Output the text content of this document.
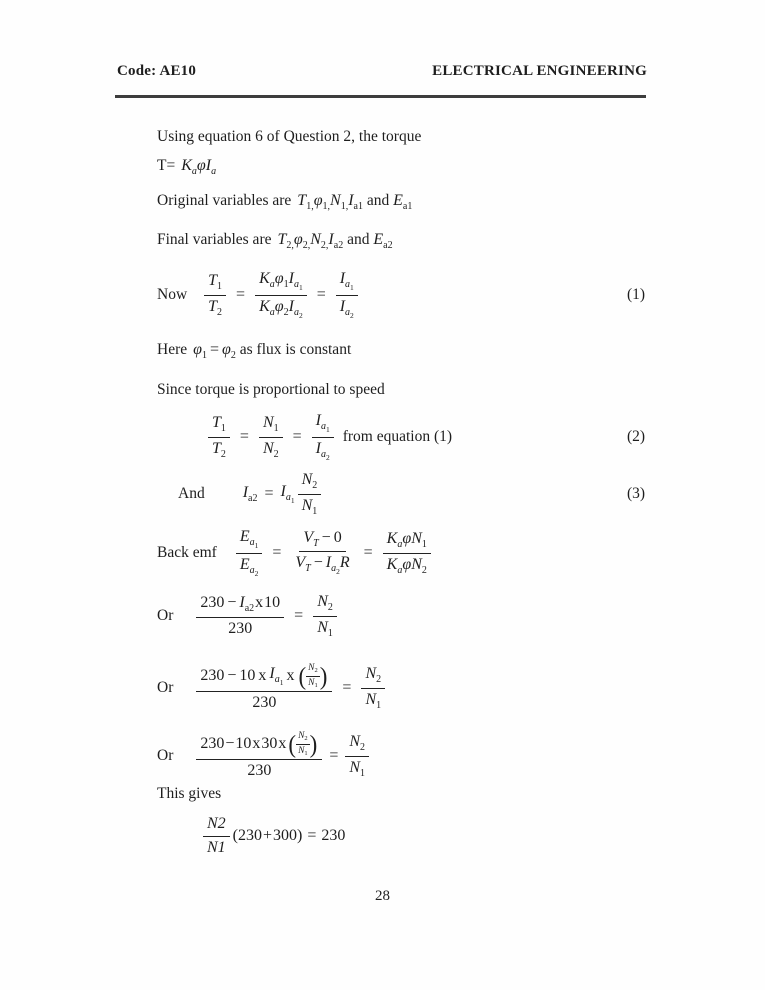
Code: AE10	ELECTRICAL ENGINEERING
Using equation 6 of Question 2, the torque
$T= K_a\varphi I_a$
Original variables are $T_{1,}\varphi_{1,}N_{1,}I_{a1}$ and $E_{a1}$
Final variables are $T_{2,}\varphi_{2,}N_{2,}I_{a2}$ and $E_{a2}$
Now $\frac{T_1}{T_2}$ =
$K_a\varphi_1I_{a_1}$
$K_a\varphi_2I_{a_2}$
= $\frac{I_{a_1}}{I_{a_2}}$	(1)
Here $\varphi_1 = \varphi_2$ as flux is constant
Since torque is proportional to speed
$\frac{T_1}{T_2} = \frac{N_1}{N_2} = \frac{I_{a_1}}{I_{a_2}}$ from equation (1)	(2)
And $I_{a2} = I_{a_1} \frac{N_2}{N_1}$	(3)
Back emf $\frac{E_{a_1}}{E_{a_2}} = \frac{V_T - 0}{V_T - I_{a_2}R}$ =
$K_a\varphi N_1$
$K_a\varphi N_2$
Or $\frac{230 - I_{a2}x10}{230} = \frac{N_2}{N_1}$
Or
230 − 10 x $I_{a_1}$ x ( $\frac{N_2}{N_1}$ )
230
= $\frac{N_2}{N_1}$
Or $\frac{230 - 10 x 30 x ( \frac{N_2}{N_1} )}{230} = \frac{N_2}{N_1}$
This gives
$\frac{N2}{N1}$ ( 230 + 300 ) = 230
28
